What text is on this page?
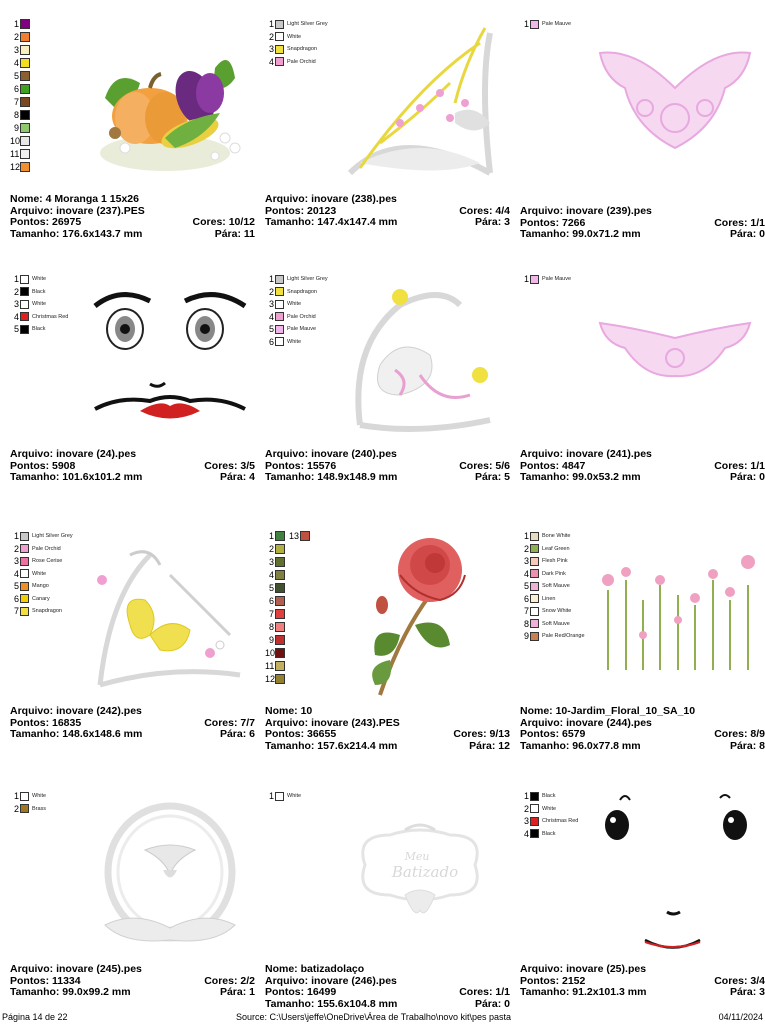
1
2
3
4
5
6
7
8
9
10
11
12
Nome: 4 Moranga 1 15x26
Arquivo: inovare (237).PES
Pontos: 26975	Cores: 10/12
Tamanho: 176.6x143.7 mm	Pára: 11
1 Light Silver Grey
2 White
3 Snapdragon
4 Pale Orchid
Arquivo: inovare (238).pes
Pontos: 20123	Cores: 4/4
Tamanho: 147.4x147.4 mm	Pára: 3
1 Pale Mauve
Arquivo: inovare (239).pes
Pontos: 7266	Cores: 1/1
Tamanho: 99.0x71.2 mm	Pára: 0
1 White
2 Black
3 White
4 Christmas Red
5 Black
Arquivo: inovare (24).pes
Pontos: 5908	Cores: 3/5
Tamanho: 101.6x101.2 mm	Pára: 4
1 Light Silver Grey
2 Snapdragon
3 White
4 Pale Orchid
5 Pale Mauve
6 White
Arquivo: inovare (240).pes
Pontos: 15576	Cores: 5/6
Tamanho: 148.9x148.9 mm	Pára: 5
1 Pale Mauve
Arquivo: inovare (241).pes
Pontos: 4847	Cores: 1/1
Tamanho: 99.0x53.2 mm	Pára: 0
1 Light Silver Grey
2 Pale Orchid
3 Rose Cerise
4 White
5 Mango
6 Canary
7 Snapdragon
Arquivo: inovare (242).pes
Pontos: 16835	Cores: 7/7
Tamanho: 148.6x148.6 mm	Pára: 6
1
2
3
4
5
6
7
8
9
10
11
12
13
Nome: 10
Arquivo: inovare (243).PES
Pontos: 36655	Cores: 9/13
Tamanho: 157.6x214.4 mm	Pára: 12
1 Bone White
2 Leaf Green
3 Flesh Pink
4 Dark Pink
5 Soft Mauve
6 Linen
7 Snow White
8 Soft Mauve
9 Pale Red/Orange
Nome: 10-Jardim_Floral_10_SA_10
Arquivo: inovare (244).pes
Pontos: 6579	Cores: 8/9
Tamanho: 96.0x77.8 mm	Pára: 8
1 White
2 Brass
Arquivo: inovare (245).pes
Pontos: 11334	Cores: 2/2
Tamanho: 99.0x99.2 mm	Pára: 1
1 White
Meu
Batizado
Nome: batizadolaço
Arquivo: inovare (246).pes
Pontos: 16499	Cores: 1/1
Tamanho: 155.6x104.8 mm	Pára: 0
1 Black
2 White
3 Christmas Red
4 Black
Arquivo: inovare (25).pes
Pontos: 2152	Cores: 3/4
Tamanho: 91.2x101.3 mm	Pára: 3
Página 14 de 22	Source: C:\Users\jeffe\OneDrive\Área de Trabalho\novo kit\pes pasta	04/11/2024
